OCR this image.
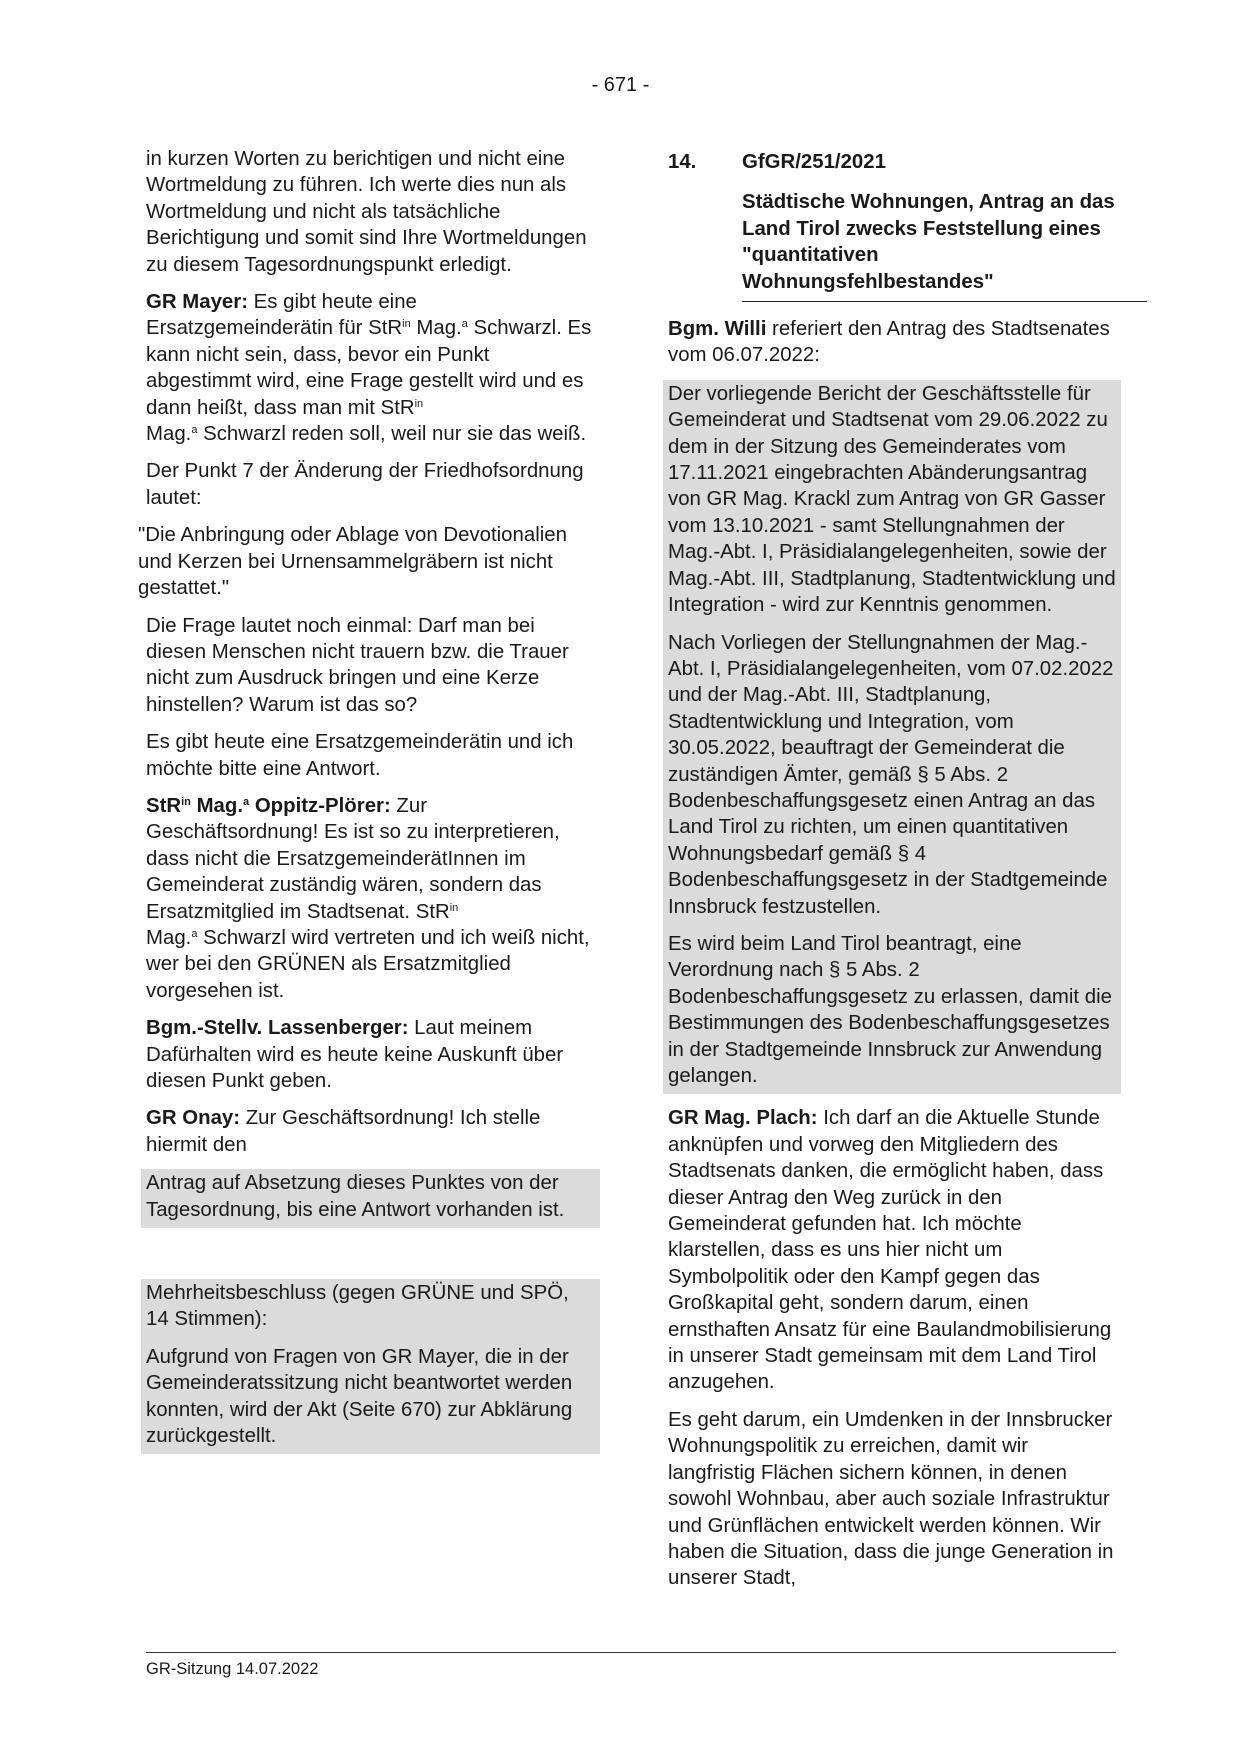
- 671 -

in kurzen Worten zu berichtigen und nicht eine Wortmeldung zu führen. Ich werte dies nun als Wortmeldung und nicht als tatsächliche Berichtigung und somit sind Ihre Wortmeldungen zu diesem Tagesordnungspunkt erledigt.

GR Mayer: Es gibt heute eine Ersatzgemeinderätin für StR$^{in}$ Mag.$^a$ Schwarzl. Es kann nicht sein, dass, bevor ein Punkt abgestimmt wird, eine Frage gestellt wird und es dann heißt, dass man mit StR$^{in}$
Mag.$^a$ Schwarzl reden soll, weil nur sie das weiß.

Der Punkt 7 der Änderung der Friedhofsordnung lautet:

"Die Anbringung oder Ablage von Devotionalien und Kerzen bei Urnensammelgräbern ist nicht gestattet."

Die Frage lautet noch einmal: Darf man bei diesen Menschen nicht trauern bzw. die Trauer nicht zum Ausdruck bringen und eine Kerze hinstellen? Warum ist das so?

Es gibt heute eine Ersatzgemeinderätin und ich möchte bitte eine Antwort.

StR$^{in}$ Mag.$^a$ Oppitz-Plörer: Zur Geschäftsordnung! Es ist so zu interpretieren, dass nicht die ErsatzgemeinderätInnen im Gemeinderat zuständig wären, sondern das Ersatzmitglied im Stadtsenat. StR$^{in}$
Mag.$^a$ Schwarzl wird vertreten und ich weiß nicht, wer bei den GRÜNEN als Ersatzmitglied vorgesehen ist.

Bgm.-Stellv. Lassenberger: Laut meinem Dafürhalten wird es heute keine Auskunft über diesen Punkt geben.

GR Onay: Zur Geschäftsordnung! Ich stelle hiermit den

Antrag auf Absetzung dieses Punktes von der Tagesordnung, bis eine Antwort vorhanden ist.

Mehrheitsbeschluss (gegen GRÜNE und SPÖ, 14 Stimmen):

Aufgrund von Fragen von GR Mayer, die in der Gemeinderatssitzung nicht beantwortet werden konnten, wird der Akt (Seite 670) zur Abklärung zurückgestellt.

14.	GfGR/251/2021
Städtische Wohnungen, Antrag an das Land Tirol zwecks Feststellung eines "quantitativen Wohnungsfehlbestandes"

Bgm. Willi referiert den Antrag des Stadtsenates vom 06.07.2022:

Der vorliegende Bericht der Geschäftsstelle für Gemeinderat und Stadtsenat vom 29.06.2022 zu dem in der Sitzung des Gemeinderates vom 17.11.2021 eingebrachten Abänderungsantrag von GR Mag. Krackl zum Antrag von GR Gasser vom 13.10.2021 - samt Stellungnahmen der Mag.-Abt. I, Präsidialangelegenheiten, sowie der Mag.-Abt. III, Stadtplanung, Stadtentwicklung und Integration - wird zur Kenntnis genommen.

Nach Vorliegen der Stellungnahmen der Mag.-Abt. I, Präsidialangelegenheiten, vom 07.02.2022 und der Mag.-Abt. III, Stadtplanung, Stadtentwicklung und Integration, vom 30.05.2022, beauftragt der Gemeinderat die zuständigen Ämter, gemäß § 5 Abs. 2 Bodenbeschaffungsgesetz einen Antrag an das Land Tirol zu richten, um einen quantitativen Wohnungsbedarf gemäß § 4 Bodenbeschaffungsgesetz in der Stadtgemeinde Innsbruck festzustellen.

Es wird beim Land Tirol beantragt, eine Verordnung nach § 5 Abs. 2 Bodenbeschaffungsgesetz zu erlassen, damit die Bestimmungen des Bodenbeschaffungsgesetzes in der Stadtgemeinde Innsbruck zur Anwendung gelangen.

GR Mag. Plach: Ich darf an die Aktuelle Stunde anknüpfen und vorweg den Mitgliedern des Stadtsenats danken, die ermöglicht haben, dass dieser Antrag den Weg zurück in den Gemeinderat gefunden hat. Ich möchte klarstellen, dass es uns hier nicht um Symbolpolitik oder den Kampf gegen das Großkapital geht, sondern darum, einen ernsthaften Ansatz für eine Baulandmobilisierung in unserer Stadt gemeinsam mit dem Land Tirol anzugehen.

Es geht darum, ein Umdenken in der Innsbrucker Wohnungspolitik zu erreichen, damit wir langfristig Flächen sichern können, in denen sowohl Wohnbau, aber auch soziale Infrastruktur und Grünflächen entwickelt werden können. Wir haben die Situation, dass die junge Generation in unserer Stadt,

GR-Sitzung 14.07.2022
